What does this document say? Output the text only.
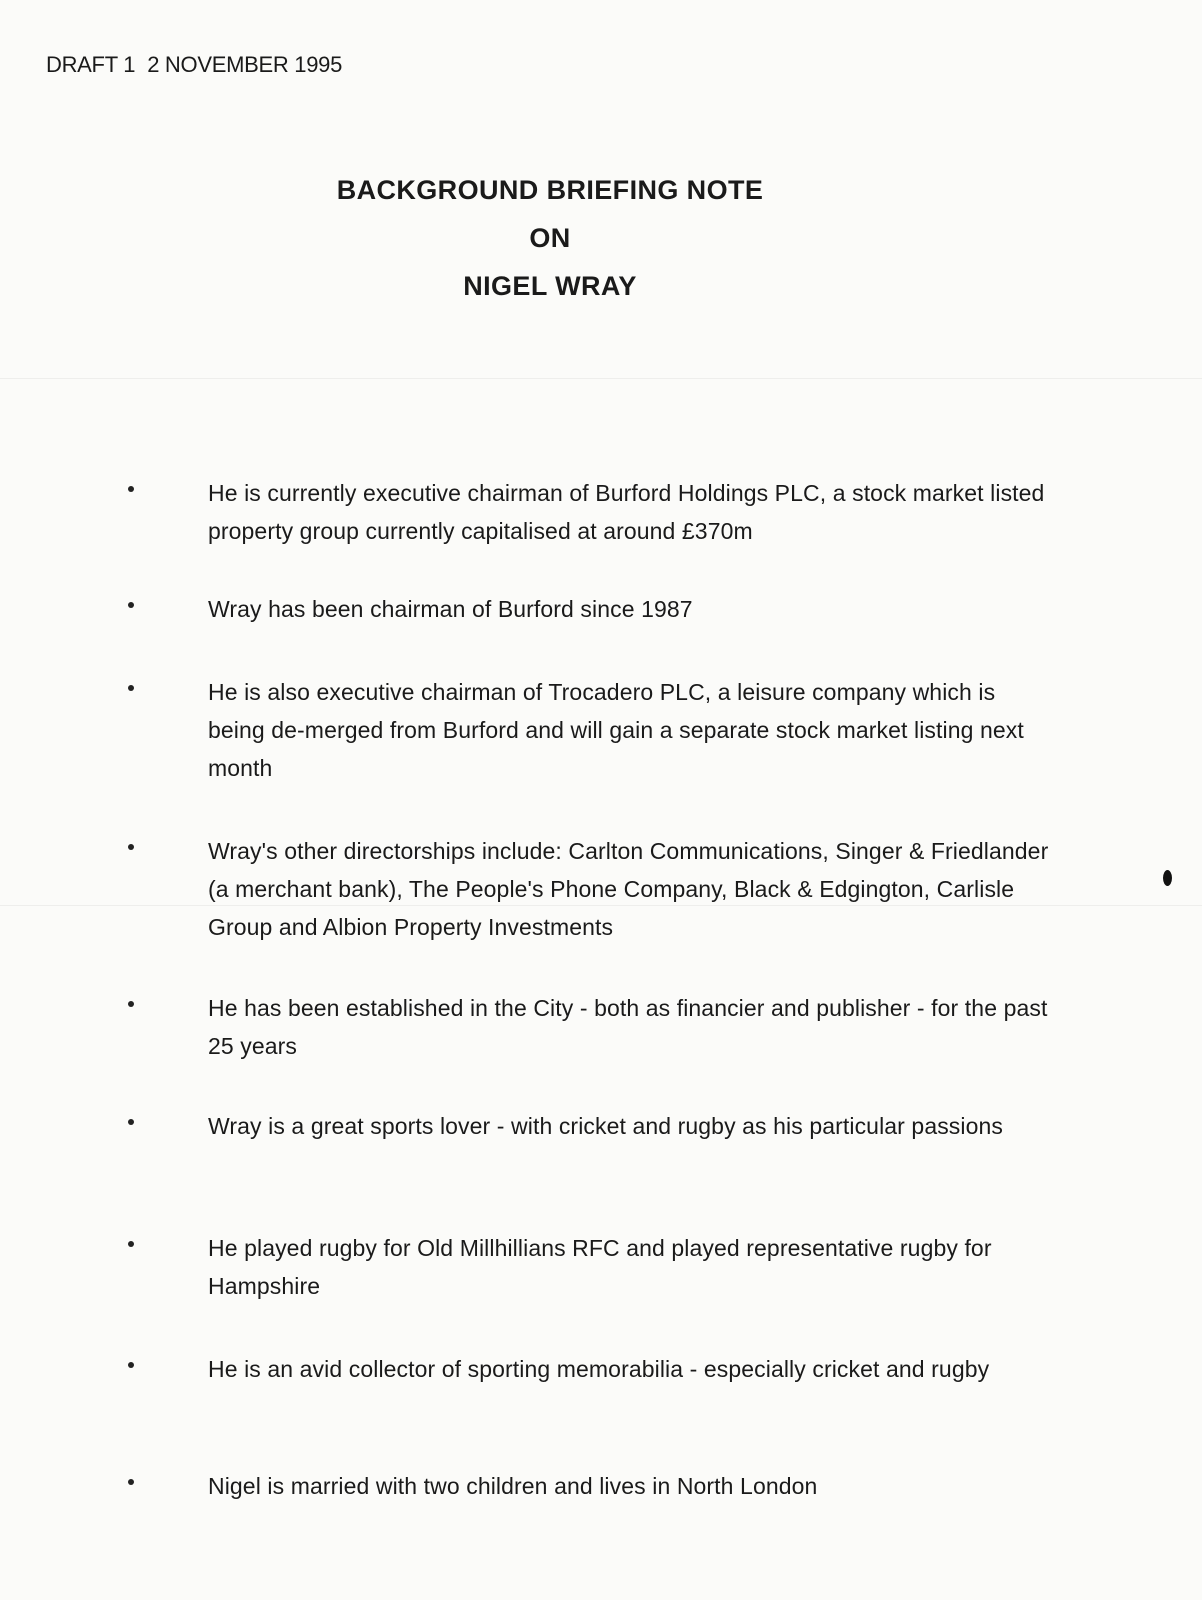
DRAFT 1 2 NOVEMBER 1995
BACKGROUND BRIEFING NOTE
ON
NIGEL WRAY
He is currently executive chairman of Burford Holdings PLC, a stock market listed property group currently capitalised at around £370m
Wray has been chairman of Burford since 1987
He is also executive chairman of Trocadero PLC, a leisure company which is being de-merged from Burford and will gain a separate stock market listing next month
Wray's other directorships include: Carlton Communications, Singer & Friedlander (a merchant bank), The People's Phone Company, Black & Edgington, Carlisle Group and Albion Property Investments
He has been established in the City - both as financier and publisher - for the past 25 years
Wray is a great sports lover - with cricket and rugby as his particular passions
He played rugby for Old Millhillians RFC and played representative rugby for Hampshire
He is an avid collector of sporting memorabilia - especially cricket and rugby
Nigel is married with two children and lives in North London
